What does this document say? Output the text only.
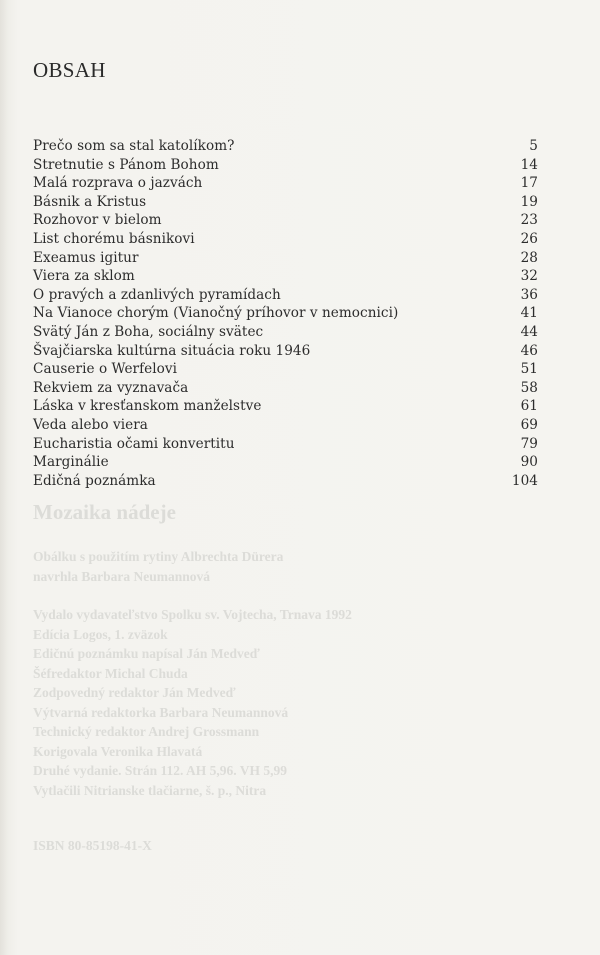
OBSAH
Prečo som sa stal katolíkom?	5
Stretnutie s Pánom Bohom	14
Malá rozprava o jazvách	17
Básnik a Kristus	19
Rozhovor v bielom	23
List chorému básnikovi	26
Exeamus igitur	28
Viera za sklom	32
O pravých a zdanlivých pyramídach	36
Na Vianoce chorým (Vianočný príhovor v nemocnici)	41
Svätý Ján z Boha, sociálny svätec	44
Švajčiarska kultúrna situácia roku 1946	46
Causerie o Werfelovi	51
Rekviem za vyznavača	58
Láska v kresťanskom manželstve	61
Veda alebo viera	69
Eucharistia očami konvertitu	79
Marginálie	90
Edičná poznámka	104
Mozaika nádeje
Obálku s použitím rytiny Albrechta Dürera
navrhla Barbara Neumannová
Vydalo vydavateľstvo Spolku sv. Vojtecha, Trnava 1992
Edícia Logos, 1. zväzok
Edičnú poznámku napísal Ján Medveď
Šéfredaktor Michal Chuda
Zodpovedný redaktor Ján Medveď
Výtvarná redaktorka Barbara Neumannová
Technický redaktor Andrej Grossmann
Korigovala Veronika Hlavatá
Druhé vydanie. Strán 112. AH 5,96. VH 5,99
Vytlačili Nitrianske tlačiarne, š. p., Nitra
ISBN 80-85198-41-X
